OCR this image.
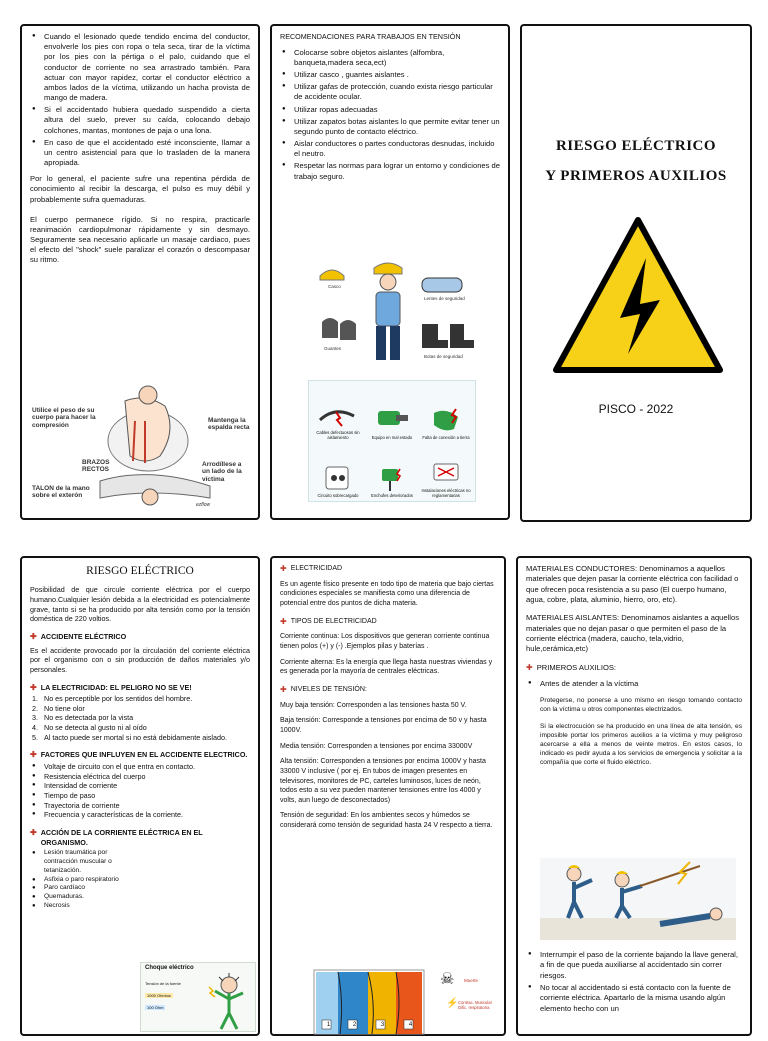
● Cuando el lesionado quede tendido encima del conductor, envolverle los pies con ropa o tela seca, tirar de la víctima por los pies con la pértiga o el palo, cuidando que el conductor de corriente no sea arrastrado también. Para actuar con mayor rapidez, cortar el conductor eléctrico a ambos lados de la víctima, utilizando un hacha provista de mango de madera.
● Si el accidentado hubiera quedado suspendido a cierta altura del suelo, prever su caída, colocando debajo colchones, mantas, montones de paja o una lona.
● En caso de que el accidentado esté inconsciente, llamar a un centro asistencial para que lo trasladen de la manera apropiada.

Por lo general, el paciente sufre una repentina pérdida de conocimiento al recibir la descarga, el pulso es muy débil y probablemente sufra quemaduras.

El cuerpo permanece rígido. Si no respira, practicarle reanimación cardiopulmonar rápidamente y sin desmayo. Seguramente sea necesario aplicarle un masaje cardiaco, pues el efecto del "shock" suele paralizar el corazón o descompasar su ritmo.

Utilice el peso de su cuerpo para hacer la compresión
Mantenga la espalda recta
BRAZOS RECTOS
Arrodíllese a un lado de la víctima
TALON de la mano sobre el exterón
ezflow
RECOMENDACIONES PARA TRABAJOS EN TENSIÓN
● Colocarse sobre objetos aislantes (alfombra, banqueta,madera seca,ect)
● Utilizar casco , guantes aislantes .
● Utilizar gafas de protección, cuando exista riesgo particular de accidente ocular.
● Utilizar ropas adecuadas
● Utilizar zapatos botas aislantes lo que permite evitar tener un segundo punto de contacto eléctrico.
● Aislar conductores o partes conductoras desnudas, incluido el neutro.
● Respetar las normas para lograr un entorno y condiciones de trabajo seguro.
Casco
Lentes de seguridad
Guantes
Botas de seguridad
Cables defectuosos sin aislamiento	Equipo en mal estado Falta de conexión a tierra
Circuito sobrecargado	Enchufes deteriorados
Instalaciones eléctricas no reglamentarias
RIESGO ELÉCTRICO
Y PRIMEROS AUXILIOS
PISCO - 2022
RIESGO ELÉCTRICO

Posibilidad de que circule corriente eléctrica por el cuerpo humano.Cualquier lesión debida a la electricidad es potencialmente grave, tanto si se ha producido por alta tensión como por la tensión doméstica de 220 voltios.

✚ ACCIDENTE ELÉCTRICO

Es el accidente provocado por la circulación del corriente eléctrica por el organismo con o sin producción de daños materiales y/o personales.

✚ LA ELECTRICIDAD: EL PELIGRO NO SE VE!
1. No es perceptible por los sentidos del hombre.
2. No tiene olor
3. No es detectada por la vista
4. No se detecta al gusto ni al oído
5. Al tacto puede ser mortal si no está debidamente aislado.
✚ FACTORES QUE INFLUYEN EN EL ACCIDENTE ELECTRICO.
● Voltaje de circuito con el que entra en contacto.
● Resistencia eléctrica del cuerpo
● Intensidad de corriente
● Tiempo de paso
● Trayectoria de corriente
● Frecuencia y características de la corriente.
✚ ACCIÓN DE LA CORRIENTE ELÉCTRICA EN EL ORGANISMO.
● Lesión traumática por contracción muscular o tetanización.
● Asfixia o paro respiratorio
● Paro cardíaco
● Quemaduras.
● Necrosis
Choque eléctrico
Tensión de la fuente
1000 Ohmios
100 Ohm
✚ ELECTRICIDAD

Es un agente físico presente en todo tipo de materia que bajo ciertas condiciones especiales se manifiesta como una diferencia de potencial entre dos puntos de dicha materia.

✚ TIPOS DE ELECTRICIDAD

Corriente continua: Los dispositivos que generan corriente continua tienen polos (+) y (-) .Ejemplos pilas y baterías .

Corriente alterna: Es la energía que llega hasta nuestras viviendas y es generada por la mayoría de centrales eléctricas.

✚ NIVELES DE TENSIÓN:

Muy baja tensión: Corresponden a las tensiones hasta 50 V.

Baja tensión: Corresponde a tensiones por encima de 50 v y hasta 1000V.

Media tensión: Corresponden a tensiones por encima 33000V

Alta tensión: Corresponden a tensiones por encima 1000V y hasta 33000 V inclusive ( por ej. En tubos de imagen presentes en televisores, monitores de PC, carteles luminosos, luces de neón, todos esto a su vez pueden mantener tensiones entre los 4000 y volts, aun luego de desconectados)

Tensión de seguridad: En los ambientes secos y húmedos se considerará como tensión de seguridad hasta 24 V respecto a tierra.

1	2	3	4
☠ Muerte
⚡ Contrac. Muscular Dific. respiratoria

MATERIALES CONDUCTORES: Denominamos a aquellos materiales que dejen pasar la corriente eléctrica con facilidad o que ofrecen poca resistencia a su paso (El cuerpo humano, agua, cobre, plata, aluminio, hierro, oro, etc).

MATERIALES AISLANTES: Denominamos aislantes a aquellos materiales que no dejan pasar o que permiten el paso de la corriente eléctrica (madera, caucho, tela,vidrio, hule,cerámica,etc)

✚ PRIMEROS AUXILIOS:
● Antes de atender a la víctima

Protegerse, no ponerse a uno mismo en riesgo tomando contacto con la víctima u otros componentes electrizados.

Si la electrocución se ha producido en una línea de alta tensión, es imposible portar los primeros auxilios a la víctima y muy peligroso acercarse a ella a menos de veinte metros. En estos casos, lo indicado es pedir ayuda a los servicios de emergencia y solicitar a la compañía que corte el fluido eléctrico.

● Interrumpir el paso de la corriente bajando la llave general, a fin de que pueda auxiliarse al accidentado sin correr riesgos.
● No tocar al accidentado si está contacto con la fuente de corriente eléctrica. Apartarlo de la misma usando algún elemento hecho con un
